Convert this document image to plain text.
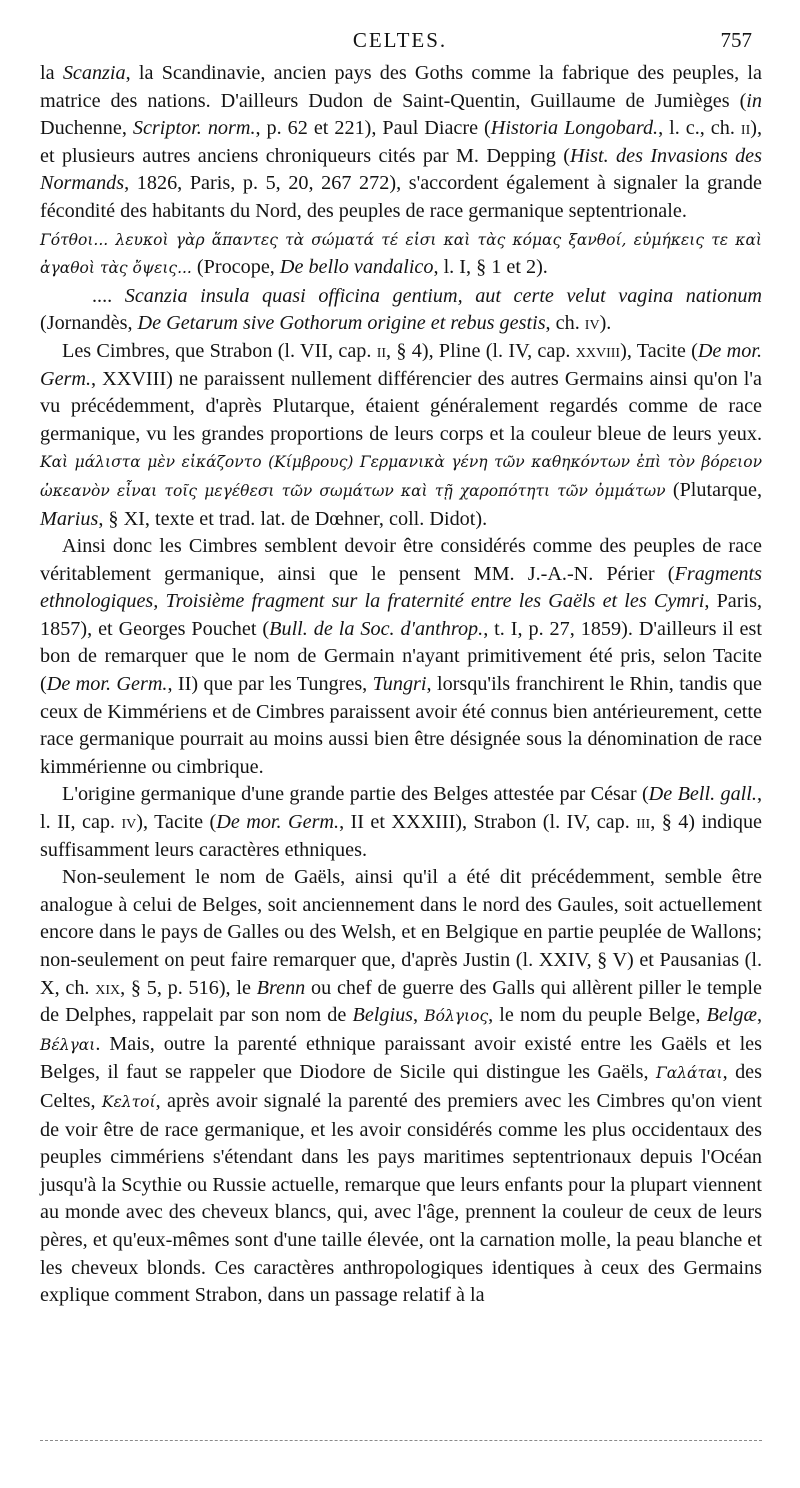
CELTES.	757

la Scanzia, la Scandinavie, ancien pays des Goths comme la fabrique des peuples, la matrice des nations. D'ailleurs Dudon de Saint-Quentin, Guillaume de Jumièges (in Duchenne, Scriptor. norm., p. 62 et 221), Paul Diacre (Historia Longobard., l. c., ch. ii), et plusieurs autres anciens chroniqueurs cités par M. Depping (Hist. des Invasions des Normands, 1826, Paris, p. 5, 20, 267 272), s'accordent également à signaler la grande fécondité des habitants du Nord, des peuples de race germanique septentrionale.

Γότθοι... λευκοὶ γὰρ ἅπαντες τὰ σώματά τέ εἰσι καὶ τὰς κόμας ξανθοί, εὐμήκεις τε καὶ ἀγαθοὶ τὰς ὄψεις... (Procope, De bello vandalico, l. I, § 1 et 2).

.... Scanzia insula quasi officina gentium, aut certe velut vagina nationum (Jornandès, De Getarum sive Gothorum origine et rebus gestis, ch. iv).

Les Cimbres, que Strabon (l. VII, cap. ii, § 4), Pline (l. IV, cap. xxviii), Tacite (De mor. Germ., XXVIII) ne paraissent nullement différencier des autres Germains ainsi qu'on l'a vu précédemment, d'après Plutarque, étaient généralement regardés comme de race germanique, vu les grandes proportions de leurs corps et la couleur bleue de leurs yeux. Καὶ μάλιστα μὲν εἰκάζοντο (Κίμβρους) Γερμανικὰ γένη τῶν καθηκόντων ἐπὶ τὸν βόρειον ὠκεανὸν εἶναι τοῖς μεγέθεσι τῶν σωμάτων καὶ τῇ χαροπότητι τῶν ὀμμάτων (Plutarque, Marius, § XI, texte et trad. lat. de Dœhner, coll. Didot).

Ainsi donc les Cimbres semblent devoir être considérés comme des peuples de race véritablement germanique, ainsi que le pensent MM. J.-A.-N. Périer (Fragments ethnologiques, Troisième fragment sur la fraternité entre les Gaëls et les Cymri, Paris, 1857), et Georges Pouchet (Bull. de la Soc. d'anthrop., t. I, p. 27, 1859). D'ailleurs il est bon de remarquer que le nom de Germain n'ayant primitivement été pris, selon Tacite (De mor. Germ., II) que par les Tungres, Tungri, lorsqu'ils franchirent le Rhin, tandis que ceux de Kimmériens et de Cimbres paraissent avoir été connus bien antérieurement, cette race germanique pourrait au moins aussi bien être désignée sous la dénomination de race kimmérienne ou cimbrique.

L'origine germanique d'une grande partie des Belges attestée par César (De Bell. gall., l. II, cap. iv), Tacite (De mor. Germ., II et XXXIII), Strabon (l. IV, cap. iii, § 4) indique suffisamment leurs caractères ethniques.

Non-seulement le nom de Gaëls, ainsi qu'il a été dit précédemment, semble être analogue à celui de Belges, soit anciennement dans le nord des Gaules, soit actuellement encore dans le pays de Galles ou des Welsh, et en Belgique en partie peuplée de Wallons; non-seulement on peut faire remarquer que, d'après Justin (l. XXIV, § V) et Pausanias (l. X, ch. xix, § 5, p. 516), le Brenn ou chef de guerre des Galls qui allèrent piller le temple de Delphes, rappelait par son nom de Belgius, Βόλγιος, le nom du peuple Belge, Belgæ, Βέλγαι. Mais, outre la parenté ethnique paraissant avoir existé entre les Gaëls et les Belges, il faut se rappeler que Diodore de Sicile qui distingue les Gaëls, Γαλάται, des Celtes, Κελτοί, après avoir signalé la parenté des premiers avec les Cimbres qu'on vient de voir être de race germanique, et les avoir considérés comme les plus occidentaux des peuples cimmériens s'étendant dans les pays maritimes septentrionaux depuis l'Océan jusqu'à la Scythie ou Russie actuelle, remarque que leurs enfants pour la plupart viennent au monde avec des cheveux blancs, qui, avec l'âge, prennent la couleur de ceux de leurs pères, et qu'eux-mêmes sont d'une taille élevée, ont la carnation molle, la peau blanche et les cheveux blonds. Ces caractères anthropologiques identiques à ceux des Germains explique comment Strabon, dans un passage relatif à la
